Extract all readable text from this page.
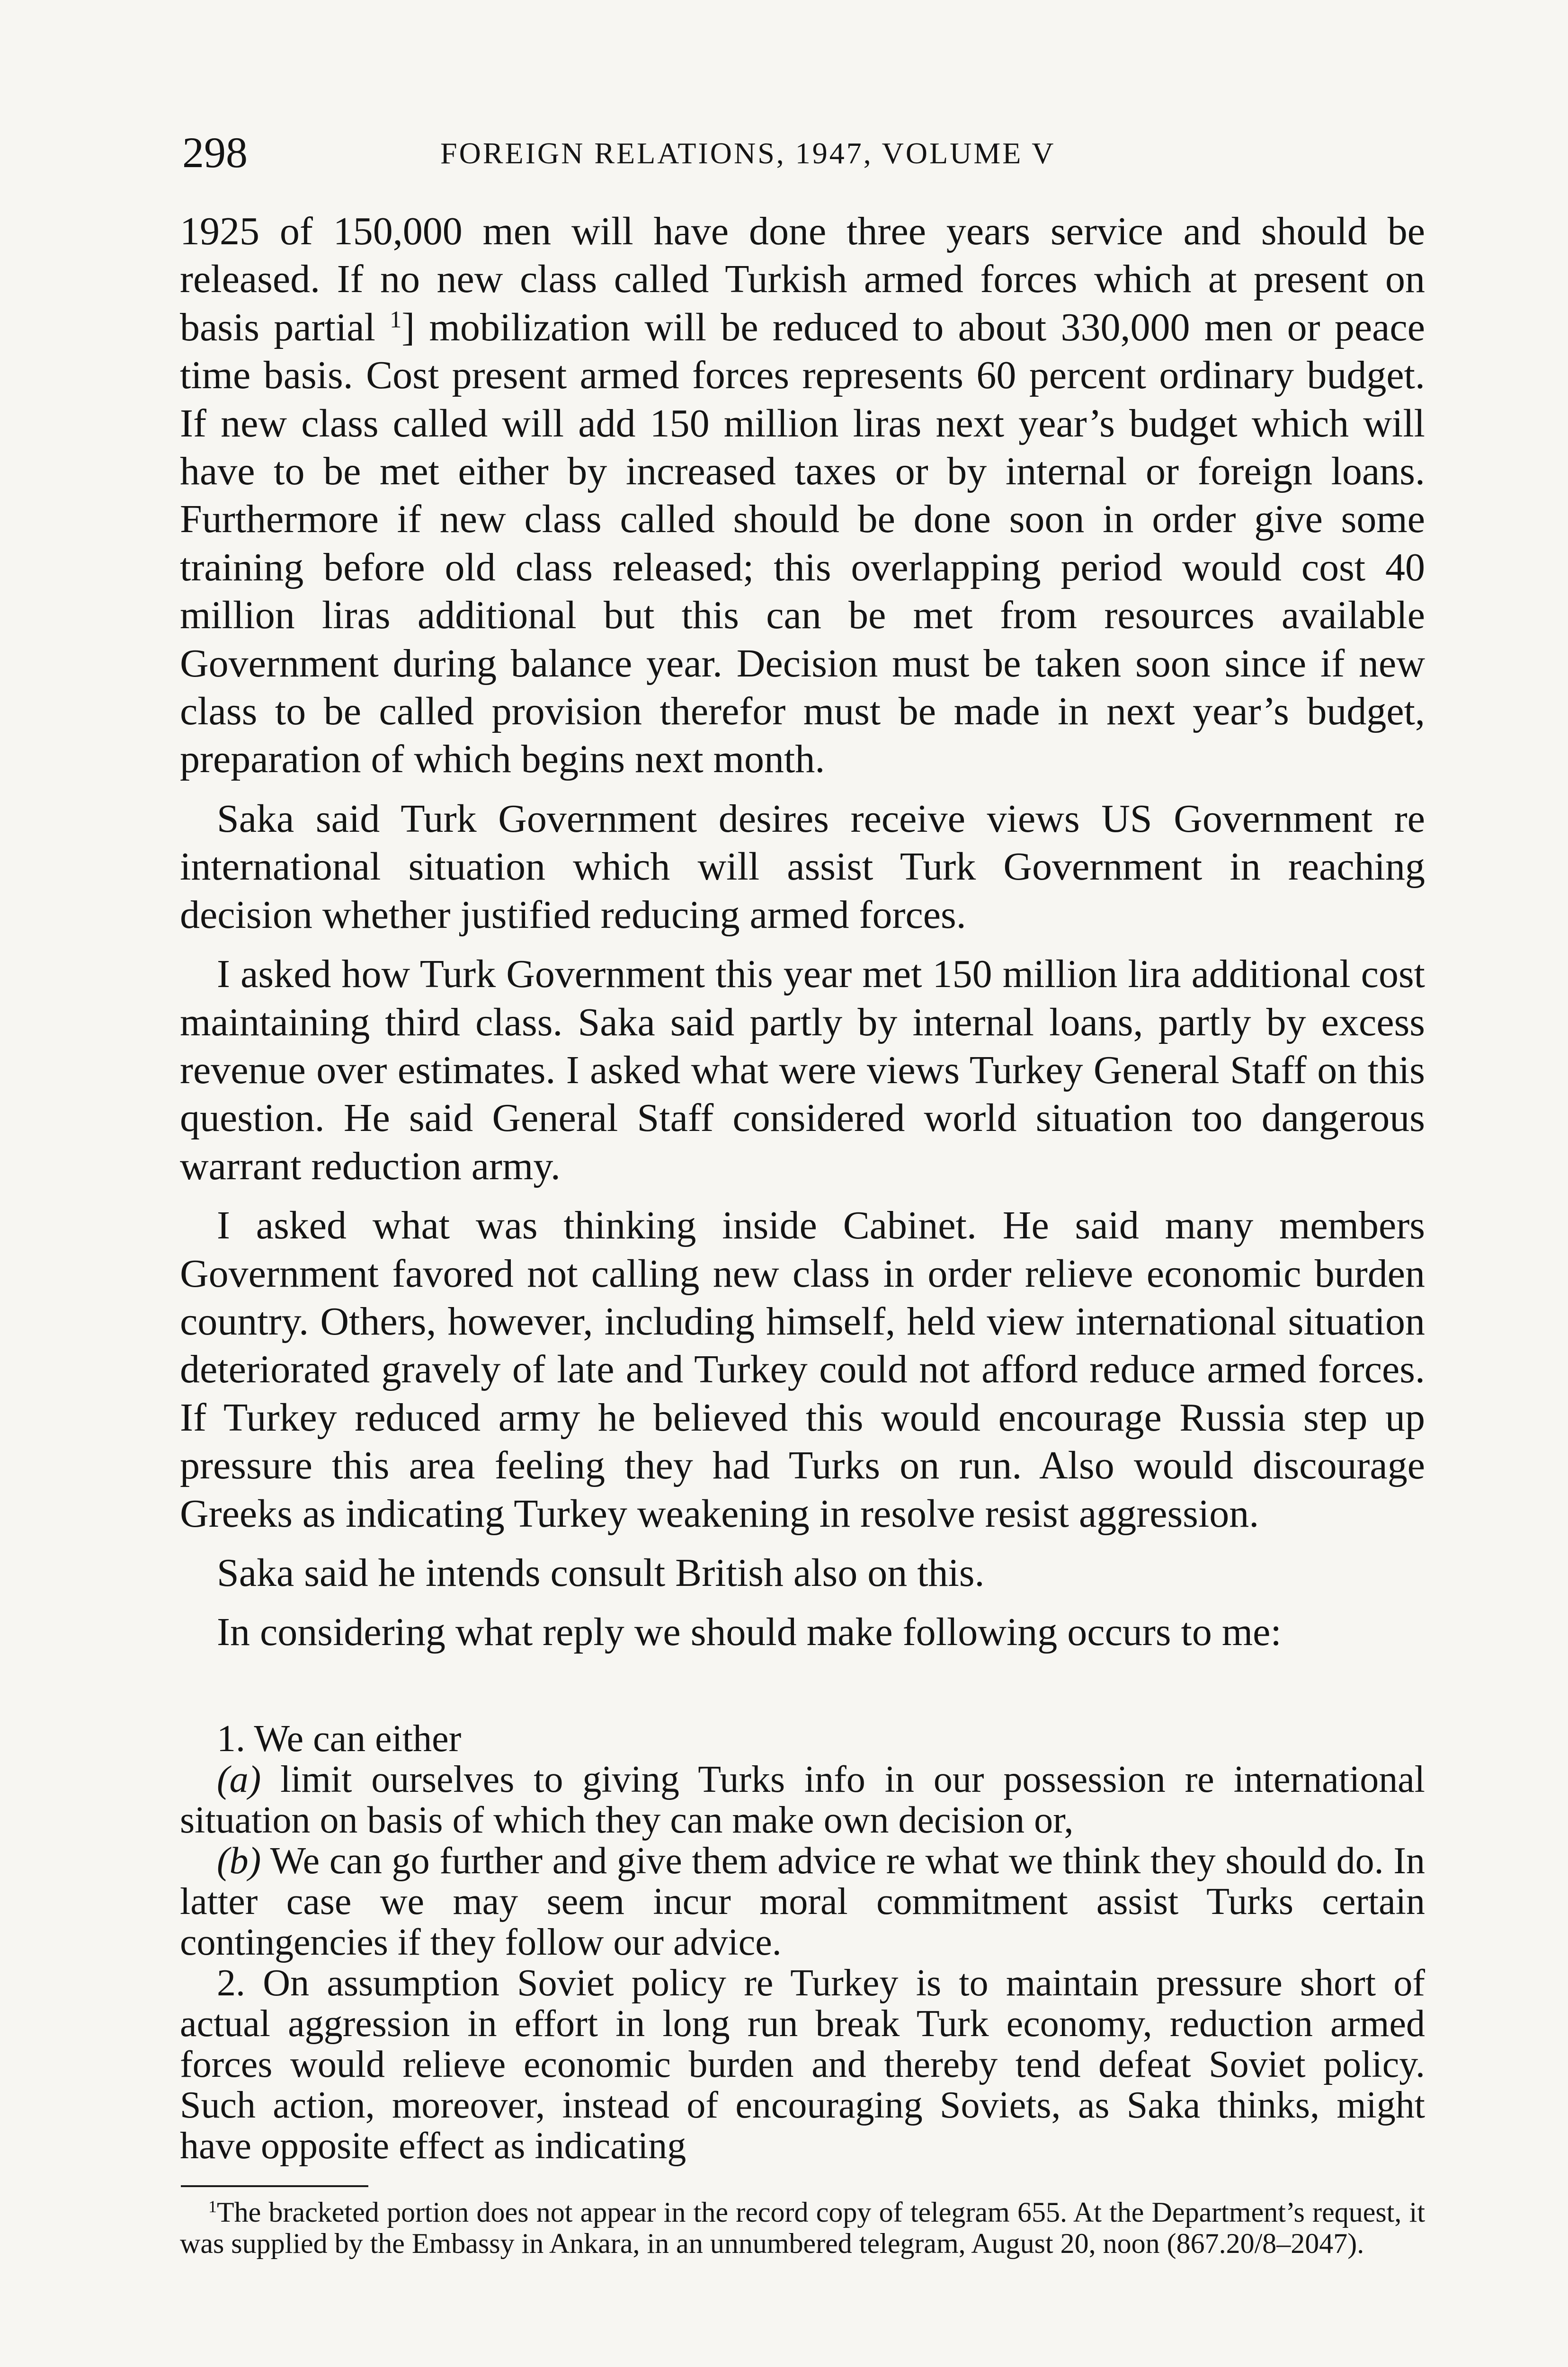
298	FOREIGN RELATIONS, 1947, VOLUME V

1925 of 150,000 men will have done three years service and should be released. If no new class called Turkish armed forces which at present on basis partial $^1$] mobilization will be reduced to about 330,000 men or peace time basis. Cost present armed forces represents 60 percent ordinary budget. If new class called will add 150 million liras next year’s budget which will have to be met either by increased taxes or by internal or foreign loans. Furthermore if new class called should be done soon in order give some training before old class released; this overlapping period would cost 40 million liras additional but this can be met from resources available Government during balance year. Decision must be taken soon since if new class to be called provision therefor must be made in next year’s budget, preparation of which begins next month.

Saka said Turk Government desires receive views US Government re international situation which will assist Turk Government in reaching decision whether justified reducing armed forces.

I asked how Turk Government this year met 150 million lira additional cost maintaining third class. Saka said partly by internal loans, partly by excess revenue over estimates. I asked what were views Turkey General Staff on this question. He said General Staff considered world situation too dangerous warrant reduction army.

I asked what was thinking inside Cabinet. He said many members Government favored not calling new class in order relieve economic burden country. Others, however, including himself, held view international situation deteriorated gravely of late and Turkey could not afford reduce armed forces. If Turkey reduced army he believed this would encourage Russia step up pressure this area feeling they had Turks on run. Also would discourage Greeks as indicating Turkey weakening in resolve resist aggression.

Saka said he intends consult British also on this.

In considering what reply we should make following occurs to me:

1. We can either

(a) limit ourselves to giving Turks info in our possession re international situation on basis of which they can make own decision or,

(b) We can go further and give them advice re what we think they should do. In latter case we may seem incur moral commitment assist Turks certain contingencies if they follow our advice.

2. On assumption Soviet policy re Turkey is to maintain pressure short of actual aggression in effort in long run break Turk economy, reduction armed forces would relieve economic burden and thereby tend defeat Soviet policy. Such action, moreover, instead of encouraging Soviets, as Saka thinks, might have opposite effect as indicating

$^1$The bracketed portion does not appear in the record copy of telegram 655. At the Department’s request, it was supplied by the Embassy in Ankara, in an unnumbered telegram, August 20, noon (867.20/8–2047).
